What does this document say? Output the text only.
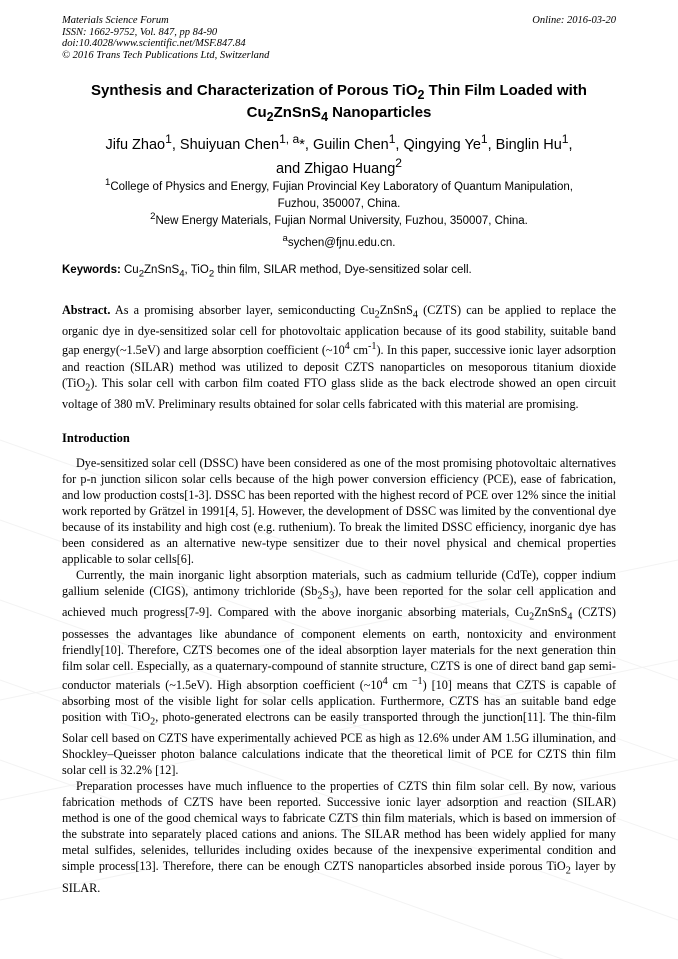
Materials Science Forum
ISSN: 1662-9752, Vol. 847, pp 84-90
doi:10.4028/www.scientific.net/MSF.847.84
© 2016 Trans Tech Publications Ltd, Switzerland
Online: 2016-03-20
Synthesis and Characterization of Porous TiO$_2$ Thin Film Loaded with
$Cu_2ZnSnS_4$ Nanoparticles
Jifu Zhao$^1$, Shuiyuan Chen$^{1, a}$*, Guilin Chen$^1$, Qingying Ye$^1$, Binglin Hu$^1$,
and Zhigao Huang$^2$
$^1$College of Physics and Energy, Fujian Provincial Key Laboratory of Quantum Manipulation,
Fuzhou, 350007, China.
$^2$New Energy Materials, Fujian Normal University, Fuzhou, 350007, China.
$^a$sychen@fjnu.edu.cn.
Keywords: $Cu_2ZnSnS_4$, TiO$_2$ thin film, SILAR method, Dye-sensitized solar cell.
Abstract. As a promising absorber layer, semiconducting $Cu_2ZnSnS_4$ (CZTS) can be applied to replace the organic dye in dye-sensitized solar cell for photovoltaic application because of its good stability, suitable band gap energy(~1.5eV) and large absorption coefficient ($\sim 10^4$ $cm^{-1}$). In this paper, successive ionic layer adsorption and reaction (SILAR) method was utilized to deposit CZTS nanoparticles on mesoporous titanium dioxide (TiO$_2$). This solar cell with carbon film coated FTO glass slide as the back electrode showed an open circuit voltage of 380 mV. Preliminary results obtained for solar cells fabricated with this material are promising.
Introduction

Dye-sensitized solar cell (DSSC) have been considered as one of the most promising photovoltaic alternatives for p-n junction silicon solar cells because of the high power conversion efficiency (PCE), ease of fabrication, and low production costs[1-3]. DSSC has been reported with the highest record of PCE over 12% since the initial work reported by Grätzel in 1991[4, 5]. However, the development of DSSC was limited by the conventional dye because of its instability and high cost (e.g. ruthenium). To break the limited DSSC efficiency, inorganic dye has been considered as an alternative new-type sensitizer due to their novel physical and chemical properties applicable to solar cells[6].

Currently, the main inorganic light absorption materials, such as cadmium telluride (CdTe), copper indium gallium selenide (CIGS), antimony trichloride $(Sb_2S_3)$, have been reported for the solar cell application and achieved much progress[7-9]. Compared with the above inorganic absorbing materials, $Cu_2ZnSnS_4$ (CZTS) possesses the advantages like abundance of component elements on earth, nontoxicity and environment friendly[10]. Therefore, CZTS becomes one of the ideal absorption layer materials for the next generation thin film solar cell. Especially, as a quaternary-compound of stannite structure, CZTS is one of direct band gap semi-conductor materials (~1.5eV). High absorption coefficient ($\sim 10^4$ cm $^{-1}$) [10] means that CZTS is capable of absorbing most of the visible light for solar cells application. Furthermore, CZTS has an suitable band edge position with TiO$_2$, photo-generated electrons can be easily transported through the junction[11]. The thin-film Solar cell based on CZTS have experimentally achieved PCE as high as 12.6% under AM 1.5G illumination, and Shockley–Queisser photon balance calculations indicate that the theoretical limit of PCE for CZTS thin film solar cell is 32.2% [12].

Preparation processes have much influence to the properties of CZTS thin film solar cell. By now, various fabrication methods of CZTS have been reported. Successive ionic layer adsorption and reaction (SILAR) method is one of the good chemical ways to fabricate CZTS thin film materials, which is based on immersion of the substrate into separately placed cations and anions. The SILAR method has been widely applied for many metal sulfides, selenides, tellurides including oxides because of the inexpensive experimental condition and simple process[13]. Therefore, there can be enough CZTS nanoparticles absorbed inside porous TiO$_2$ layer by SILAR.
